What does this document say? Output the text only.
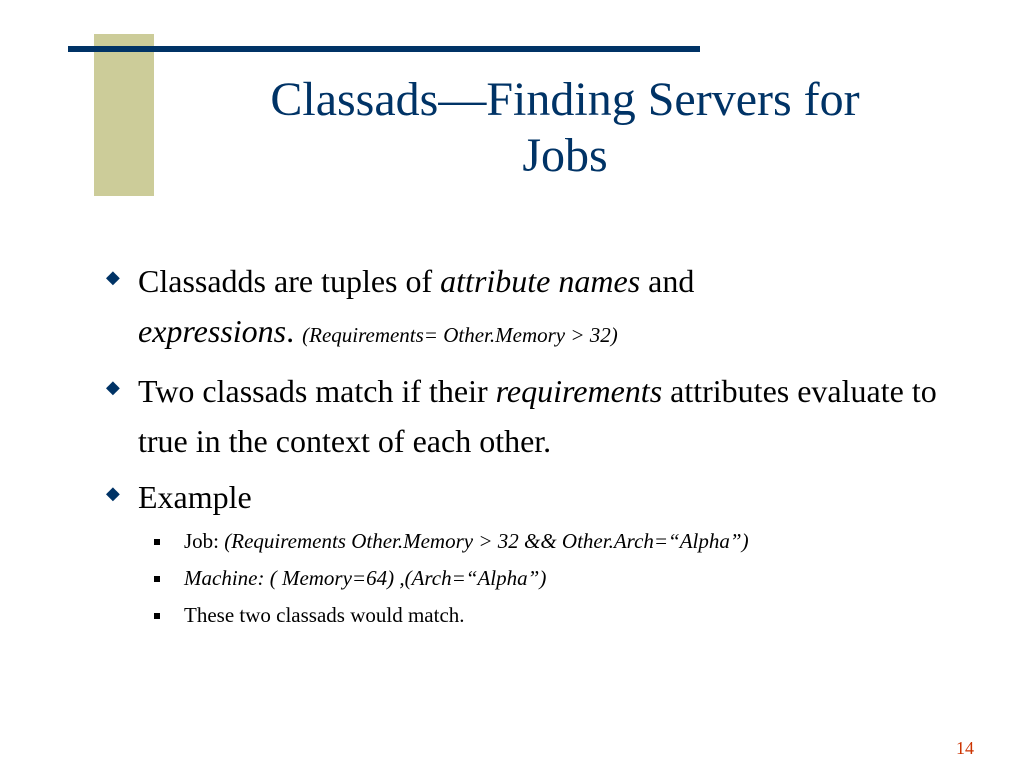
Classads—Finding Servers for
Jobs
◆ Classadds are tuples of attribute names and
expressions. (Requirements= Other.Memory > 32)
◆ Two classads match if their requirements attributes evaluate to true in the context of each other.
◆ Example
Job: (Requirements Other.Memory > 32 && Other.Arch=“Alpha”)
Machine: ( Memory=64) ,(Arch=“Alpha”)
These two classads would match.
14
